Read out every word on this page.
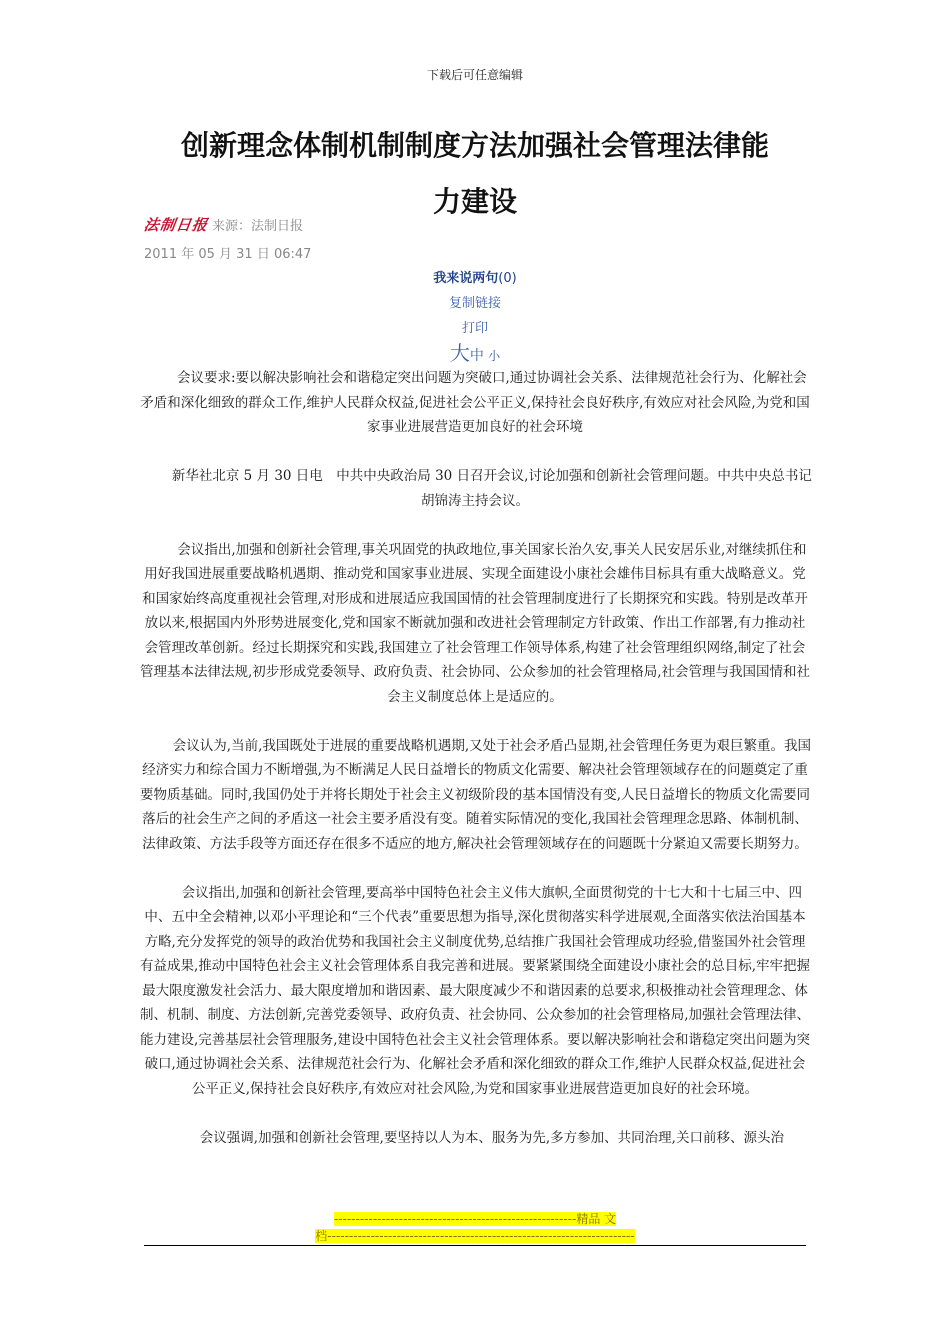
下载后可任意编辑
创新理念体制机制制度方法加强社会管理法律能
力建设
法制日报 来源： 法制日报
2011 年 05 月 31 日 06:47
我来说两句(0)
复制链接
打印
大中 小

会议要求:要以解决影响社会和谐稳定突出问题为突破口,通过协调社会关系、法律规范社会行为、化解社会矛盾和深化细致的群众工作,维护人民群众权益,促进社会公平正义,保持社会良好秩序,有效应对社会风险,为党和国家事业进展营造更加良好的社会环境

新华社北京 5 月 30 日电　中共中央政治局 30 日召开会议,讨论加强和创新社会管理问题。中共中央总书记胡锦涛主持会议。

会议指出,加强和创新社会管理,事关巩固党的执政地位,事关国家长治久安,事关人民安居乐业,对继续抓住和用好我国进展重要战略机遇期、推动党和国家事业进展、实现全面建设小康社会雄伟目标具有重大战略意义。党和国家始终高度重视社会管理,对形成和进展适应我国国情的社会管理制度进行了长期探究和实践。特别是改革开放以来,根据国内外形势进展变化,党和国家不断就加强和改进社会管理制定方针政策、作出工作部署,有力推动社会管理改革创新。经过长期探究和实践,我国建立了社会管理工作领导体系,构建了社会管理组织网络,制定了社会管理基本法律法规,初步形成党委领导、政府负责、社会协同、公众参加的社会管理格局,社会管理与我国国情和社会主义制度总体上是适应的。

会议认为,当前,我国既处于进展的重要战略机遇期,又处于社会矛盾凸显期,社会管理任务更为艰巨繁重。我国经济实力和综合国力不断增强,为不断满足人民日益增长的物质文化需要、解决社会管理领域存在的问题奠定了重要物质基础。同时,我国仍处于并将长期处于社会主义初级阶段的基本国情没有变,人民日益增长的物质文化需要同落后的社会生产之间的矛盾这一社会主要矛盾没有变。随着实际情况的变化,我国社会管理理念思路、体制机制、法律政策、方法手段等方面还存在很多不适应的地方,解决社会管理领域存在的问题既十分紧迫又需要长期努力。

会议指出,加强和创新社会管理,要高举中国特色社会主义伟大旗帜,全面贯彻党的十七大和十七届三中、四中、五中全会精神,以邓小平理论和“三个代表”重要思想为指导,深化贯彻落实科学进展观,全面落实依法治国基本方略,充分发挥党的领导的政治优势和我国社会主义制度优势,总结推广我国社会管理成功经验,借鉴国外社会管理有益成果,推动中国特色社会主义社会管理体系自我完善和进展。要紧紧围绕全面建设小康社会的总目标,牢牢把握最大限度激发社会活力、最大限度增加和谐因素、最大限度减少不和谐因素的总要求,积极推动社会管理理念、体制、机制、制度、方法创新,完善党委领导、政府负责、社会协同、公众参加的社会管理格局,加强社会管理法律、能力建设,完善基层社会管理服务,建设中国特色社会主义社会管理体系。要以解决影响社会和谐稳定突出问题为突破口,通过协调社会关系、法律规范社会行为、化解社会矛盾和深化细致的群众工作,维护人民群众权益,促进社会公平正义,保持社会良好秩序,有效应对社会风险,为党和国家事业进展营造更加良好的社会环境。

会议强调,加强和创新社会管理,要坚持以人为本、服务为先,多方参加、共同治理,关口前移、源头治

--------------------------------------------------------精品 文
档-----------------------------------------------------------------------
